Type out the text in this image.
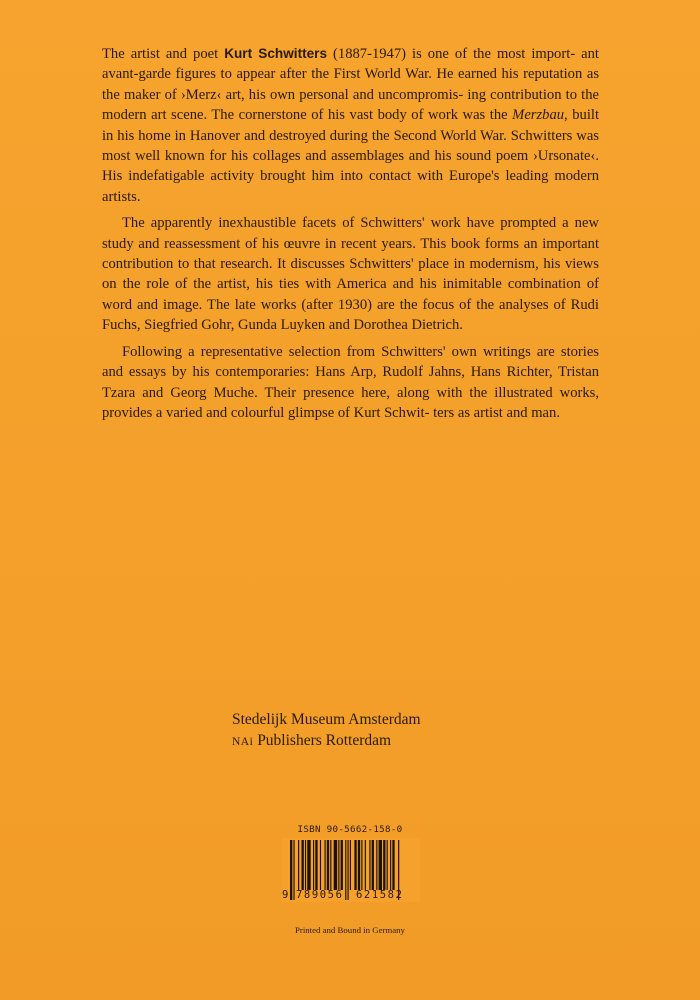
The artist and poet Kurt Schwitters (1887-1947) is one of the most import- ant avant-garde figures to appear after the First World War. He earned his reputation as the maker of ›Merz‹ art, his own personal and uncompromis- ing contribution to the modern art scene. The cornerstone of his vast body of work was the Merzbau, built in his home in Hanover and destroyed during the Second World War. Schwitters was most well known for his collages and assemblages and his sound poem ›Ursonate‹. His indefatigable activity brought him into contact with Europe's leading modern artists.

The apparently inexhaustible facets of Schwitters' work have prompted a new study and reassessment of his œuvre in recent years. This book forms an important contribution to that research. It discusses Schwitters' place in modernism, his views on the role of the artist, his ties with America and his inimitable combination of word and image. The late works (after 1930) are the focus of the analyses of Rudi Fuchs, Siegfried Gohr, Gunda Luyken and Dorothea Dietrich.

Following a representative selection from Schwitters' own writings are stories and essays by his contemporaries: Hans Arp, Rudolf Jahns, Hans Richter, Tristan Tzara and Georg Muche. Their presence here, along with the illustrated works, provides a varied and colourful glimpse of Kurt Schwit- ters as artist and man.

Stedelijk Museum Amsterdam
NAi Publishers Rotterdam
ISBN 90-5662-158-0
9 789056 621582
Printed and Bound in Germany
